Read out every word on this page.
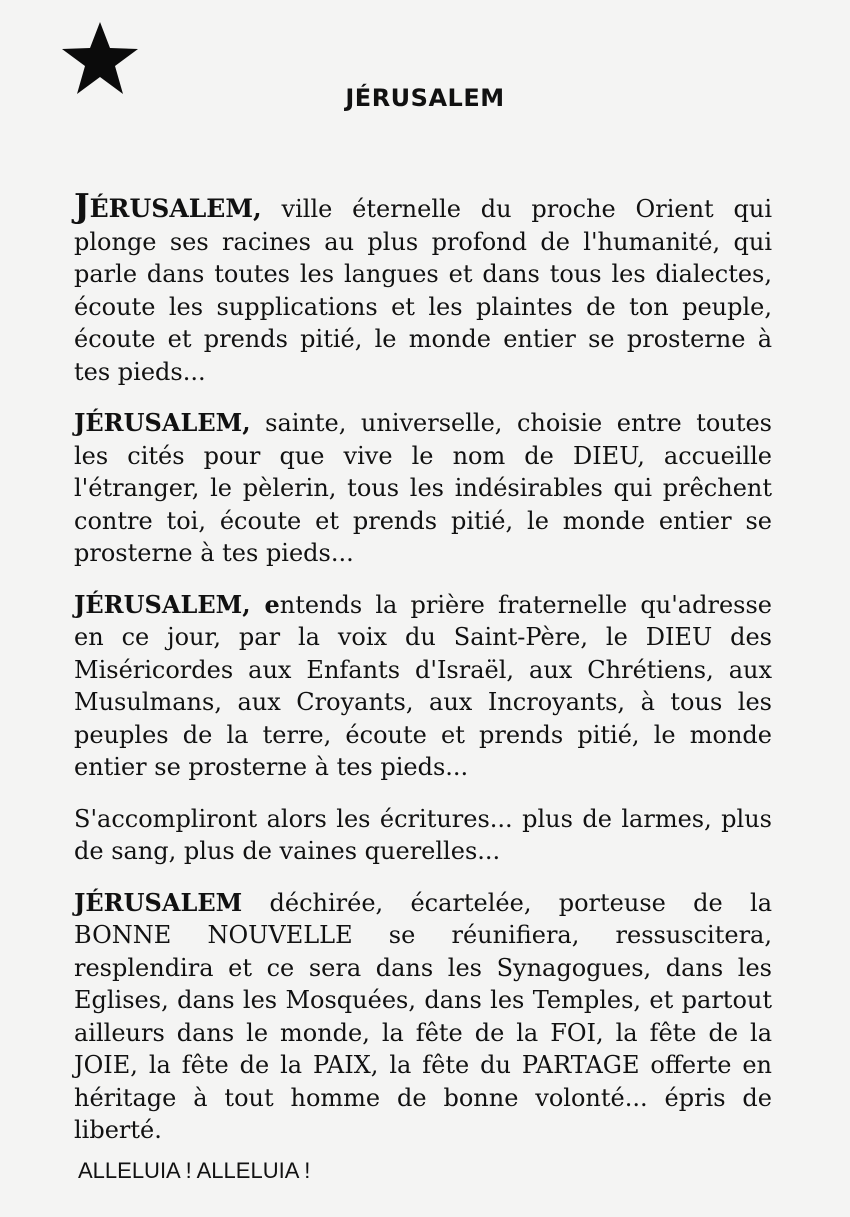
JÉRUSALEM

JÉRUSALEM, ville éternelle du proche Orient qui plonge ses racines au plus profond de l'humanité, qui parle dans toutes les langues et dans tous les dialectes, écoute les supplications et les plaintes de ton peuple, écoute et prends pitié, le monde entier se prosterne à tes pieds...

JÉRUSALEM, sainte, universelle, choisie entre toutes les cités pour que vive le nom de DIEU, accueille l'étranger, le pèlerin, tous les indésirables qui prêchent contre toi, écoute et prends pitié, le monde entier se prosterne à tes pieds...

JÉRUSALEM, entends la prière fraternelle qu'adresse en ce jour, par la voix du Saint-Père, le DIEU des Miséricordes aux Enfants d'Israël, aux Chrétiens, aux Musulmans, aux Croyants, aux Incroyants, à tous les peuples de la terre, écoute et prends pitié, le monde entier se prosterne à tes pieds...

S'accompliront alors les écritures... plus de larmes, plus de sang, plus de vaines querelles...

JÉRUSALEM déchirée, écartelée, porteuse de la BONNE NOUVELLE se réunifiera, ressuscitera, resplendira et ce sera dans les Synagogues, dans les Eglises, dans les Mosquées, dans les Temples, et partout ailleurs dans le monde, la fête de la FOI, la fête de la JOIE, la fête de la PAIX, la fête du PARTAGE offerte en héritage à tout homme de bonne volonté... épris de liberté.

ALLELUIA ! ALLELUIA !
